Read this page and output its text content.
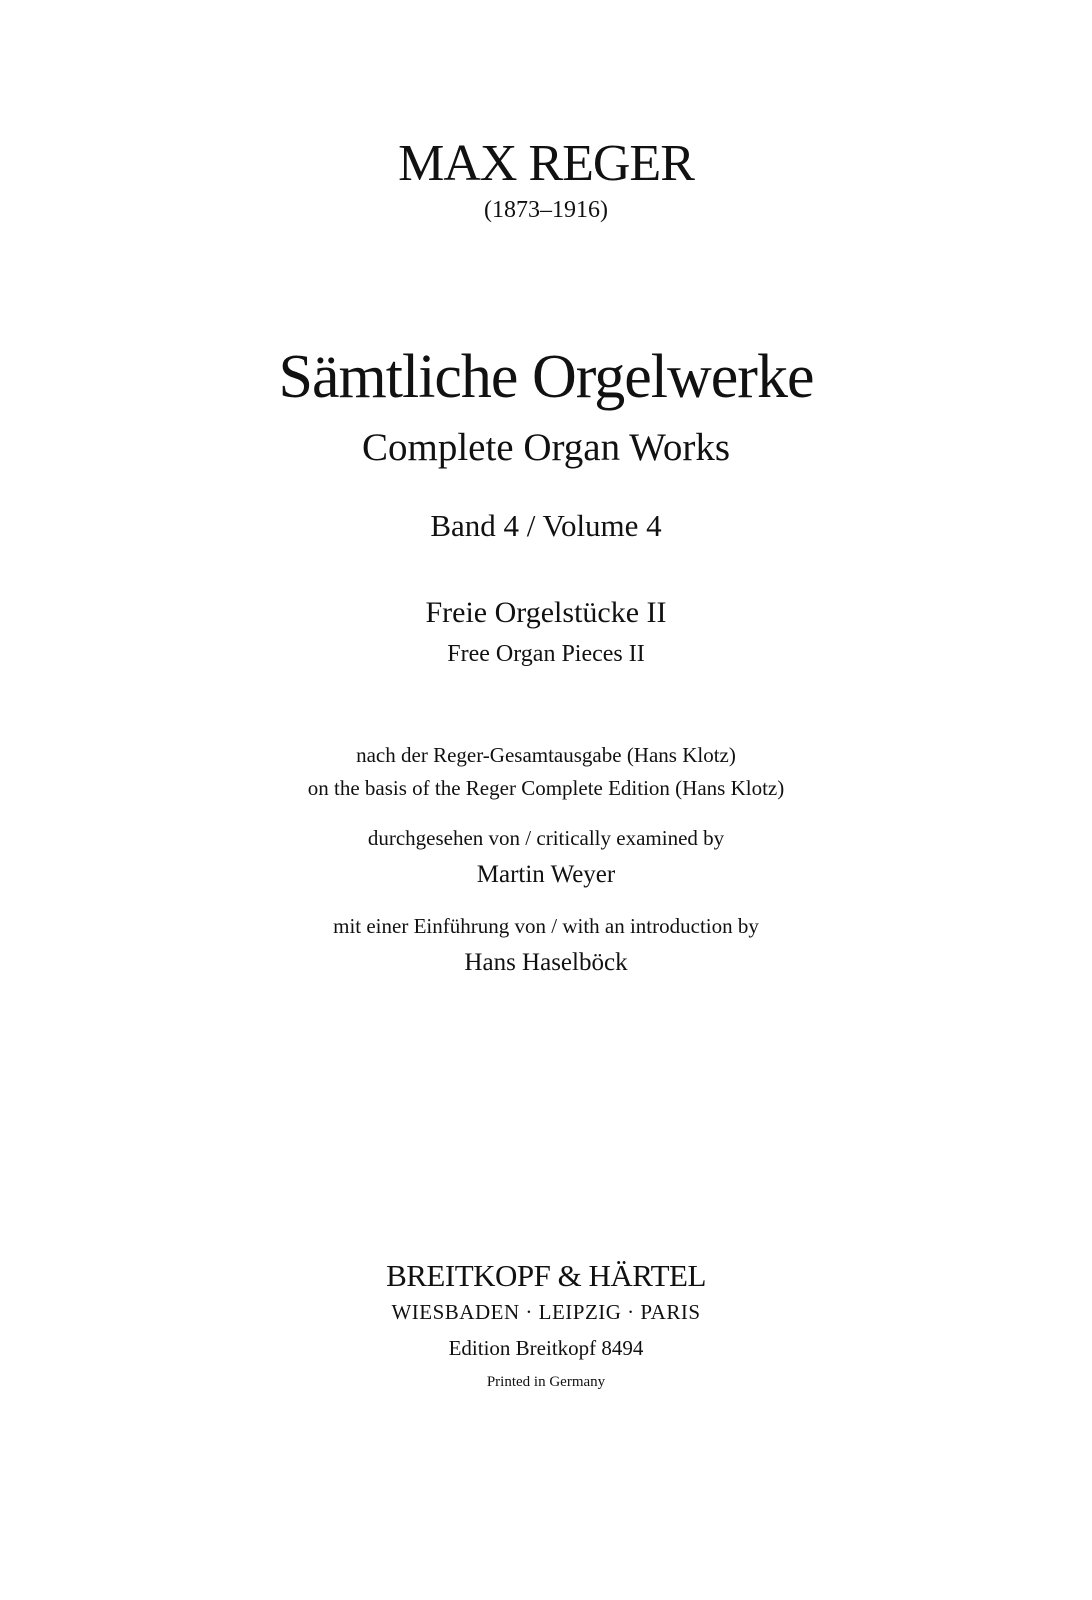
MAX REGER
(1873–1916)
Sämtliche Orgelwerke
Complete Organ Works
Band 4 / Volume 4
Freie Orgelstücke II
Free Organ Pieces II
nach der Reger-Gesamtausgabe (Hans Klotz)
on the basis of the Reger Complete Edition (Hans Klotz)
durchgesehen von / critically examined by
Martin Weyer
mit einer Einführung von / with an introduction by
Hans Haselböck
BREITKOPF & HÄRTEL
WIESBADEN · LEIPZIG · PARIS
Edition Breitkopf 8494
Printed in Germany
